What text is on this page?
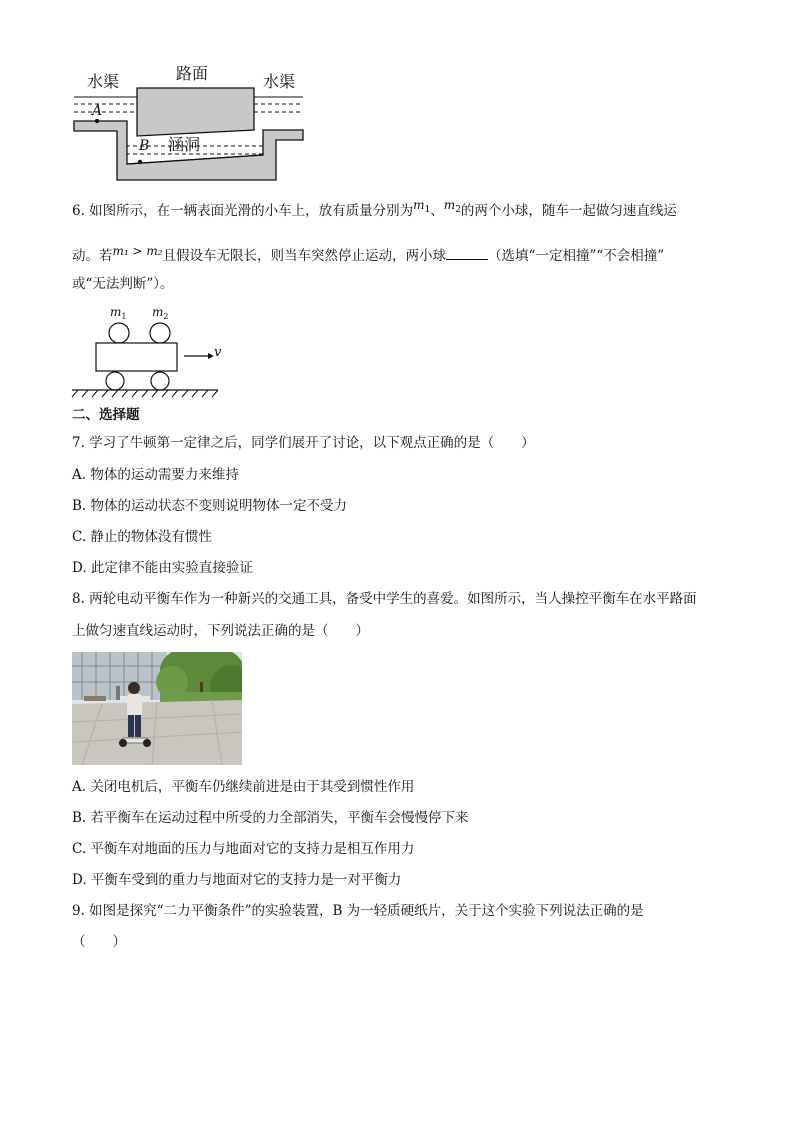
水渠	路面	水渠
涵洞
A
B
6. 如图所示，在一辆表面光滑的小车上，放有质量分别为$m^1$、$m^2$的两个小球，随车一起做匀速直线运
动。若m₁ > m₂且假设车无限长，则当车突然停止运动，两小球	（选填“一定相撞”“不会相撞”
或“无法判断”）。
$m_1$ $m_2$
v
二、选择题
7. 学习了牛顿第一定律之后，同学们展开了讨论，以下观点正确的是（　　）
A. 物体的运动需要力来维持
B. 物体的运动状态不变则说明物体一定不受力
C. 静止的物体没有惯性
D. 此定律不能由实验直接验证
8. 两轮电动平衡车作为一种新兴的交通工具，备受中学生的喜爱。如图所示，当人操控平衡车在水平路面
上做匀速直线运动时，下列说法正确的是（　　）
A. 关闭电机后，平衡车仍继续前进是由于其受到惯性作用
B. 若平衡车在运动过程中所受的力全部消失，平衡车会慢慢停下来
C. 平衡车对地面的压力与地面对它的支持力是相互作用力
D. 平衡车受到的重力与地面对它的支持力是一对平衡力
9. 如图是探究“二力平衡条件”的实验装置，B 为一轻质硬纸片，关于这个实验下列说法正确的是
（　　）
